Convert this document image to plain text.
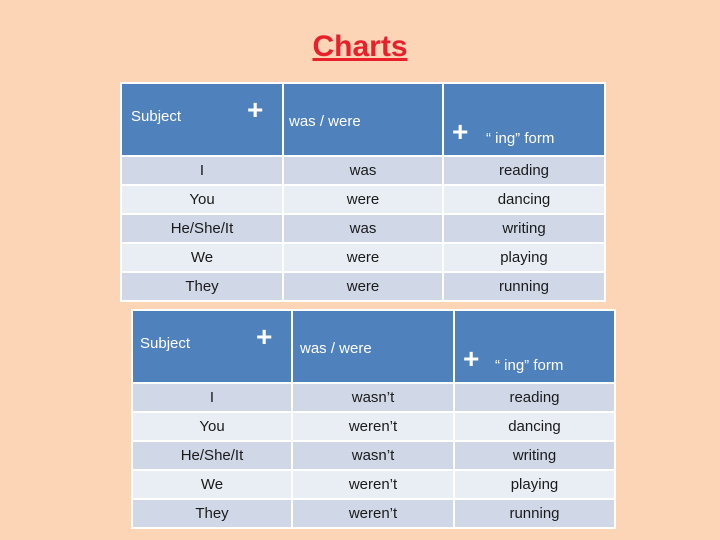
Charts
Subject +	was / were	+ “ ing” form

I	was	reading
You	were	dancing
He/She/It	was	writing
We	were	playing
They	were	running
Subject +	was / were	+ “ ing” form

I	wasn’t	reading
You	weren’t	dancing
He/She/It	wasn’t	writing
We	weren’t	playing
They	weren’t	running
